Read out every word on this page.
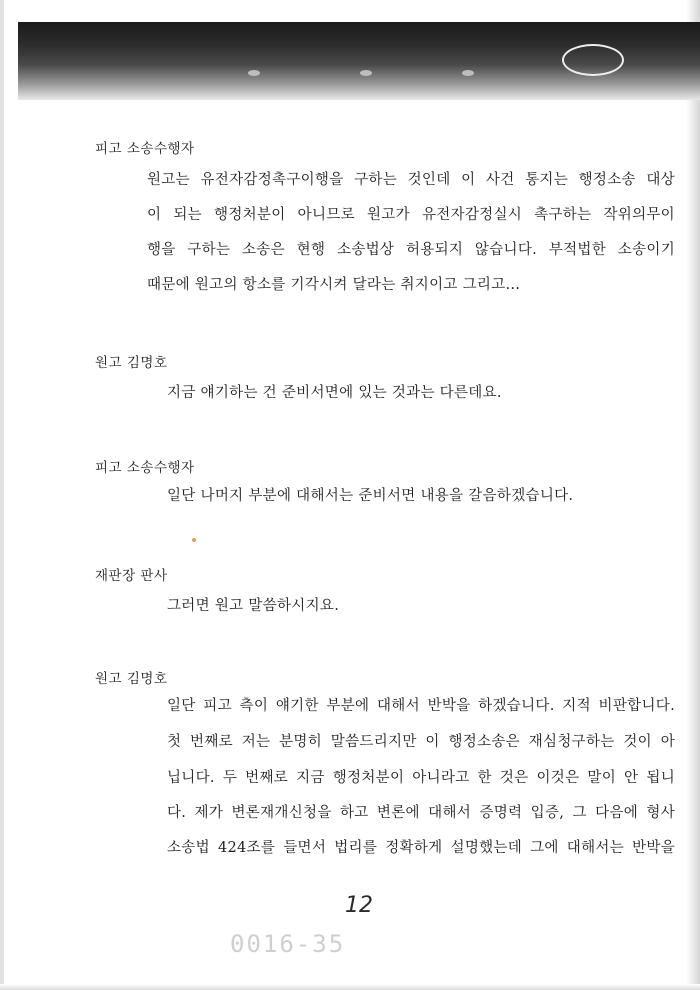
피고 소송수행자
원고는 유전자감정촉구이행을 구하는 것인데 이 사건 통지는 행정소송 대상
이 되는 행정처분이 아니므로 원고가 유전자감정실시 촉구하는 작위의무이
행을 구하는 소송은 현행 소송법상 허용되지 않습니다. 부적법한 소송이기
때문에 원고의 항소를 기각시켜 달라는 취지이고 그리고...
원고 김명호
지금 얘기하는 건 준비서면에 있는 것과는 다른데요.
피고 소송수행자
일단 나머지 부분에 대해서는 준비서면 내용을 갈음하겠습니다.
재판장 판사
그러면 원고 말씀하시지요.
원고 김명호
일단 피고 측이 얘기한 부분에 대해서 반박을 하겠습니다. 지적 비판합니다.
첫 번째로 저는 분명히 말씀드리지만 이 행정소송은 재심청구하는 것이 아
닙니다. 두 번째로 지금 행정처분이 아니라고 한 것은 이것은 말이 안 됩니
다. 제가 변론재개신청을 하고 변론에 대해서 증명력 입증, 그 다음에 형사
소송법 424조를 들면서 법리를 정확하게 설명했는데 그에 대해서는 반박을
12
0016-35
